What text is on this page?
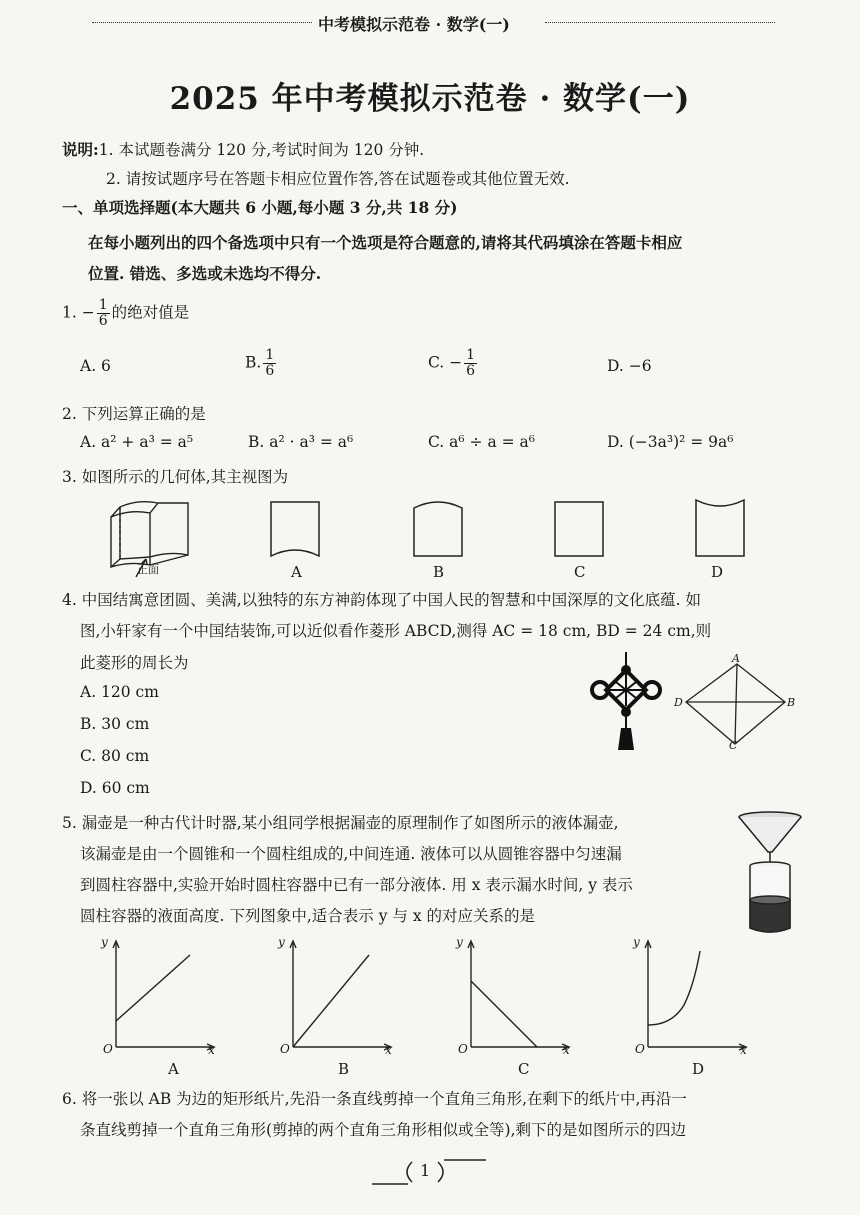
中考模拟示范卷 · 数学(一)
2025 年中考模拟示范卷 · 数学(一)
说明:1. 本试题卷满分 120 分,考试时间为 120 分钟.
2. 请按试题序号在答题卡相应位置作答,答在试题卷或其他位置无效.
一、单项选择题(本大题共 6 小题,每小题 3 分,共 18 分)
在每小题列出的四个备选项中只有一个选项是符合题意的,请将其代码填涂在答题卡相应
位置. 错选、多选或未选均不得分.
1. − $\frac{1}{6}$ 的绝对值是
A. 6	B. $\frac{1}{6}$	C. − $\frac{1}{6}$	D. −6
2. 下列运算正确的是
A. a² + a³ = a⁵	B. a² · a³ = a⁶	C. a⁶ ÷ a = a⁶	D. (−3a³)² = 9a⁶
3. 如图所示的几何体,其主视图为
正面	A	B	C	D
4. 中国结寓意团圆、美满,以独特的东方神韵体现了中国人民的智慧和中国深厚的文化底蕴. 如
图,小轩家有一个中国结装饰,可以近似看作菱形 ABCD,测得 AC = 18 cm, BD = 24 cm,则
此菱形的周长为
A. 120 cm
B. 30 cm
C. 80 cm
D. 60 cm
A
B
C
D
5. 漏壶是一种古代计时器,某小组同学根据漏壶的原理制作了如图所示的液体漏壶,
该漏壶是由一个圆锥和一个圆柱组成的,中间连通. 液体可以从圆锥容器中匀速漏
到圆柱容器中,实验开始时圆柱容器中已有一部分液体. 用 x 表示漏水时间, y 表示
圆柱容器的液面高度. 下列图象中,适合表示 y 与 x 的对应关系的是
y
x
O
A
y
x
O
B
y
x
O
C
y
x
O
D
6. 将一张以 AB 为边的矩形纸片,先沿一条直线剪掉一个直角三角形,在剩下的纸片中,再沿一
条直线剪掉一个直角三角形(剪掉的两个直角三角形相似或全等),剩下的是如图所示的四边
1
